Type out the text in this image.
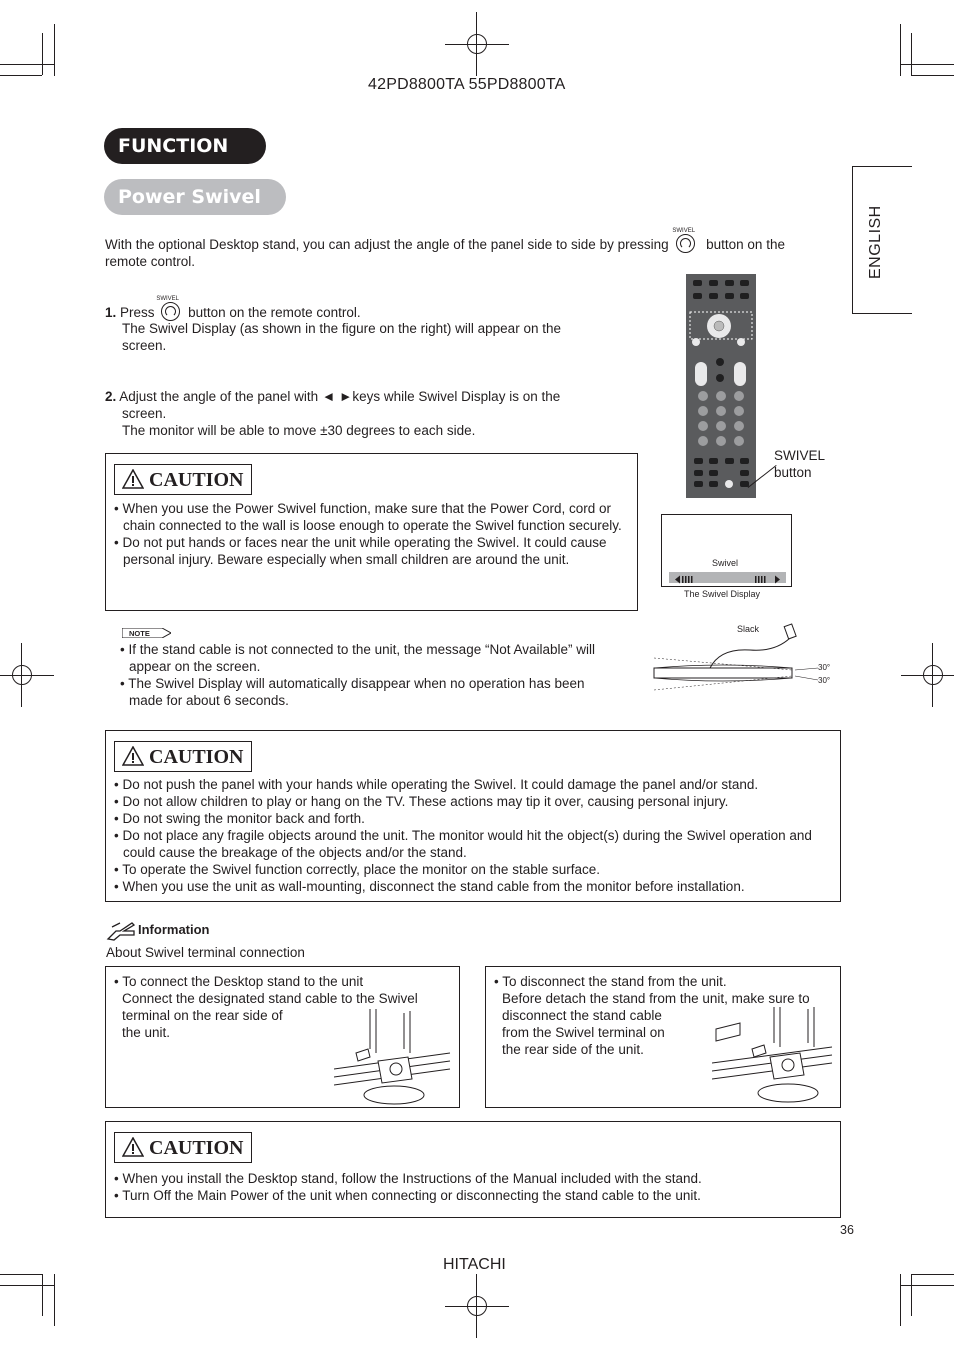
42PD8800TA 55PD8800TA
FUNCTION
Power Swivel
ENGLISH
With the optional Desktop stand, you can adjust the angle of the panel side to side by pressing
SWIVEL
button on the
remote control.
1. Press
SWIVEL
button on the remote control.
The Swivel Display (as shown in the figure on the right) will appear on the
screen.
2. Adjust the angle of the panel with ◄ ►keys while Swivel Display is on the
screen.
The monitor will be able to move ±30 degrees to each side.
CAUTION
• When you use the Power Swivel function, make sure that the Power Cord, cord or chain connected to the wall is loose enough to operate the Swivel function securely.
• Do not put hands or faces near the unit while operating the Swivel. It could cause personal injury. Beware especially when small children are around the unit.
SWIVEL
button
Swivel
The Swivel Display
NOTE
• If the stand cable is not connected to the unit, the message “Not Available” will appear on the screen.
• The Swivel Display will automatically disappear when no operation has been made for about 6 seconds.
Slack
30°
30°
CAUTION
• Do not push the panel with your hands while operating the Swivel. It could damage the panel and/or stand.
• Do not allow children to play or hang on the TV. These actions may tip it over, causing personal injury.
• Do not swing the monitor back and forth.
• Do not place any fragile objects around the unit. The monitor would hit the object(s) during the Swivel operation and could cause the breakage of the objects and/or the stand.
• To operate the Swivel function correctly, place the monitor on the stable surface.
• When you use the unit as wall-mounting, disconnect the stand cable from the monitor before installation.
Information
About Swivel terminal connection
• To connect the Desktop stand to the unit

Connect the designated stand cable to the Swivel
terminal on the rear side of
the unit.
• To disconnect the stand from the unit.

Before detach the stand from the unit, make sure to
disconnect the stand cable
from the Swivel terminal on
the rear side of the unit.
CAUTION
• When you install the Desktop stand, follow the Instructions of the Manual included with the stand.
• Turn Off the Main Power of the unit when connecting or disconnecting the stand cable to the unit.
36
HITACHI
